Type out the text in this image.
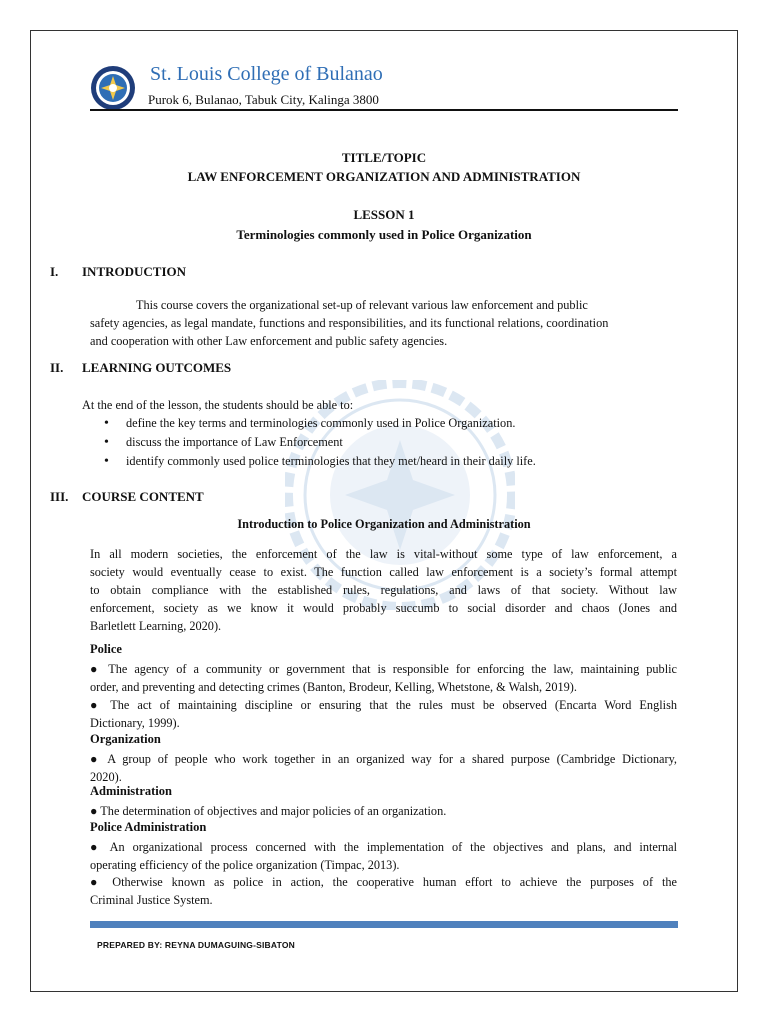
St. Louis College of Bulanao
Purok 6, Bulanao, Tabuk City, Kalinga 3800
TITLE/TOPIC
LAW ENFORCEMENT ORGANIZATION AND ADMINISTRATION
LESSON 1
Terminologies commonly used in Police Organization
I. INTRODUCTION
This course covers the organizational set-up of relevant various law enforcement and public
safety agencies, as legal mandate, functions and responsibilities, and its functional relations, coordination
and cooperation with other Law enforcement and public safety agencies.
II. LEARNING OUTCOMES
At the end of the lesson, the students should be able to:
• define the key terms and terminologies commonly used in Police Organization.
• discuss the importance of Law Enforcement
• identify commonly used police terminologies that they met/heard in their daily life.
III. COURSE CONTENT
Introduction to Police Organization and Administration
In all modern societies, the enforcement of the law is vital-without some type of law enforcement, a
society would eventually cease to exist. The function called law enforcement is a society’s formal attempt
to obtain compliance with the established rules, regulations, and laws of that society. Without law
enforcement, society as we know it would probably succumb to social disorder and chaos (Jones and
Barletlett Learning, 2020).
Police
● The agency of a community or government that is responsible for enforcing the law, maintaining public
order, and preventing and detecting crimes (Banton, Brodeur, Kelling, Whetstone, & Walsh, 2019).
● The act of maintaining discipline or ensuring that the rules must be observed (Encarta Word English
Dictionary, 1999).
Organization
● A group of people who work together in an organized way for a shared purpose (Cambridge Dictionary,
2020).
Administration
● The determination of objectives and major policies of an organization.
Police Administration
● An organizational process concerned with the implementation of the objectives and plans, and internal
operating efficiency of the police organization (Timpac, 2013).
● Otherwise known as police in action, the cooperative human effort to achieve the purposes of the
Criminal Justice System.
PREPARED BY: REYNA DUMAGUING-SIBATON
